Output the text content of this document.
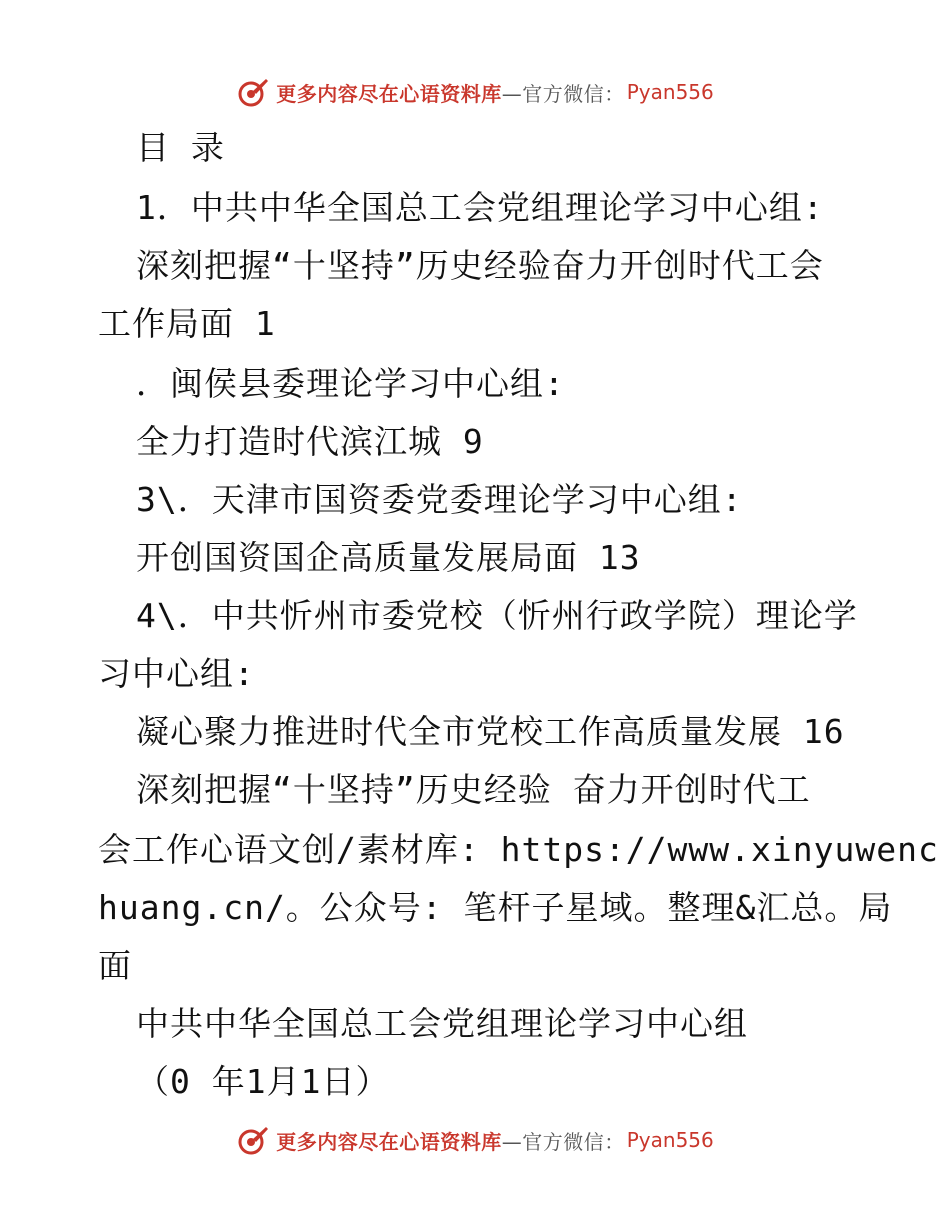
更多内容尽在心语资料库 —官方微信： Pyan556
目 录
1．中共中华全国总工会党组理论学习中心组:
深刻把握“十坚持”历史经验奋力开创时代工会
工作局面 1
．闽侯县委理论学习中心组:
全力打造时代滨江城 9
3\．天津市国资委党委理论学习中心组:
开创国资国企高质量发展局面 13
4\．中共忻州市委党校（忻州行政学院）理论学
习中心组:
凝心聚力推进时代全市党校工作高质量发展 16
深刻把握“十坚持”历史经验 奋力开创时代工
会工作心语文创/素材库: https://www.xinyuwenc
huang.cn/。公众号: 笔杆子星域。整理&汇总。局
面
中共中华全国总工会党组理论学习中心组
（0 年1月1日）
更多内容尽在心语资料库 —官方微信： Pyan556
